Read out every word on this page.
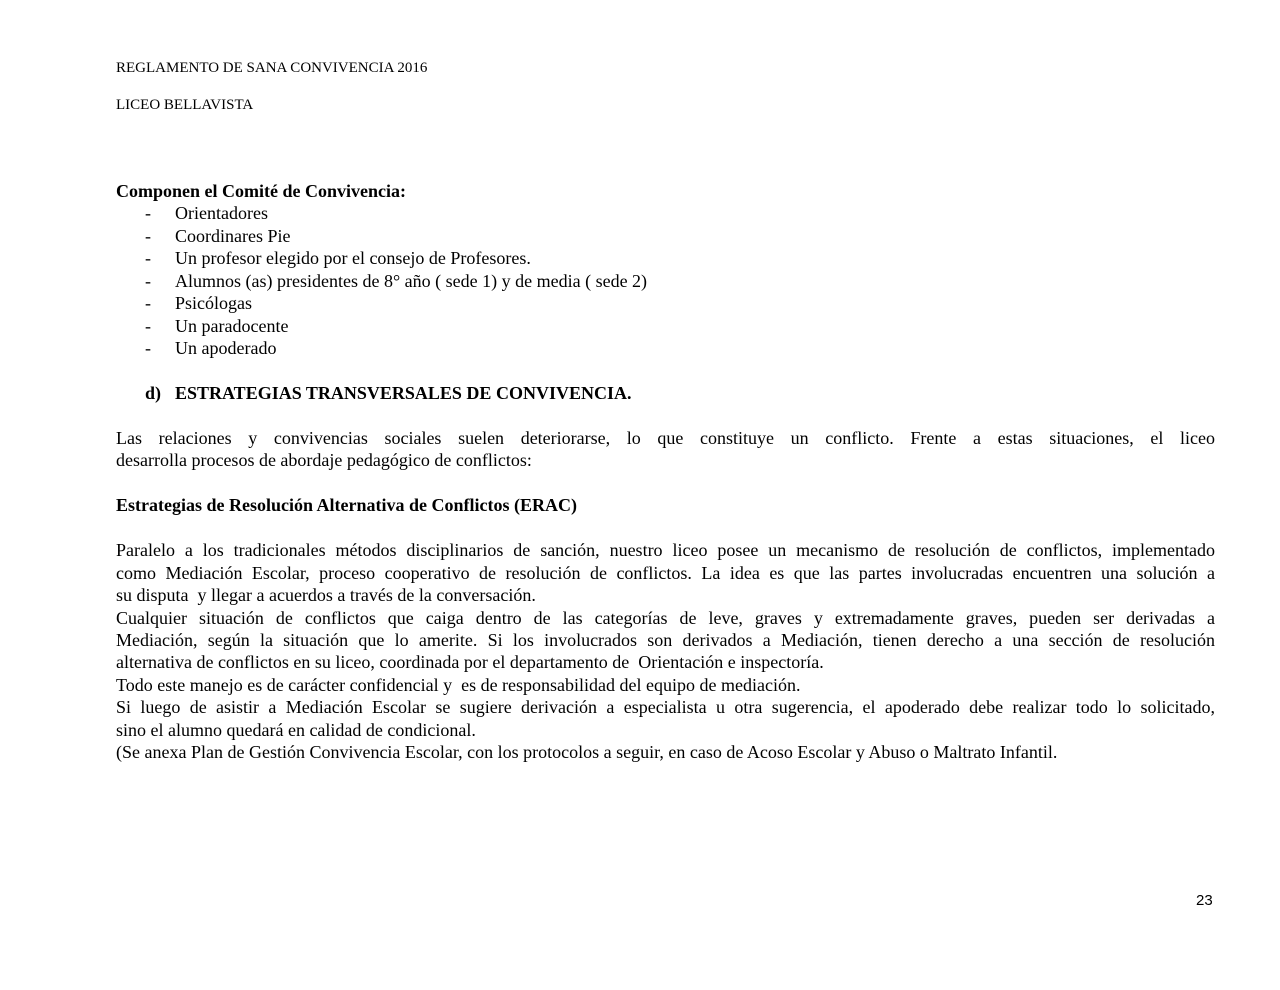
REGLAMENTO DE SANA CONVIVENCIA 2016
LICEO BELLAVISTA
Componen el Comité de Convivencia:
- Orientadores
- Coordinares Pie
- Un profesor elegido por el consejo de Profesores.
- Alumnos (as) presidentes de 8° año ( sede 1) y de media ( sede 2)
- Psicólogas
- Un paradocente
- Un apoderado
d) ESTRATEGIAS TRANSVERSALES DE CONVIVENCIA.
Las relaciones y convivencias sociales suelen deteriorarse, lo que constituye un conflicto. Frente a estas situaciones, el liceo
desarrolla procesos de abordaje pedagógico de conflictos:
Estrategias de Resolución Alternativa de Conflictos (ERAC)
Paralelo a los tradicionales métodos disciplinarios de sanción, nuestro liceo posee un mecanismo de resolución de conflictos, implementado
como Mediación Escolar, proceso cooperativo de resolución de conflictos. La idea es que las partes involucradas encuentren una solución a
su disputa  y llegar a acuerdos a través de la conversación.
Cualquier situación de conflictos que caiga dentro de las categorías de leve, graves y extremadamente graves, pueden ser derivadas a
Mediación, según la situación que lo amerite. Si los involucrados son derivados a Mediación, tienen derecho a una sección de resolución
alternativa de conflictos en su liceo, coordinada por el departamento de  Orientación e inspectoría.
Todo este manejo es de carácter confidencial y  es de responsabilidad del equipo de mediación.
Si luego de asistir a Mediación Escolar se sugiere derivación a especialista u otra sugerencia, el apoderado debe realizar todo lo solicitado,
sino el alumno quedará en calidad de condicional.
(Se anexa Plan de Gestión Convivencia Escolar, con los protocolos a seguir, en caso de Acoso Escolar y Abuso o Maltrato Infantil.
23
